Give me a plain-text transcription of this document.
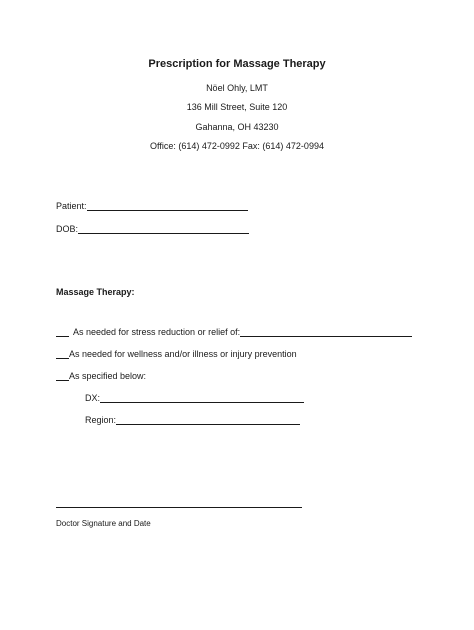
Prescription for Massage Therapy
Nöel Ohly, LMT
136 Mill Street, Suite 120
Gahanna, OH 43230
Office: (614) 472-0992 Fax: (614) 472-0994
Patient:
DOB:
Massage Therapy:
As needed for stress reduction or relief of:
As needed for wellness and/or illness or injury prevention
As specified below:
DX:
Region:
Doctor Signature and Date
